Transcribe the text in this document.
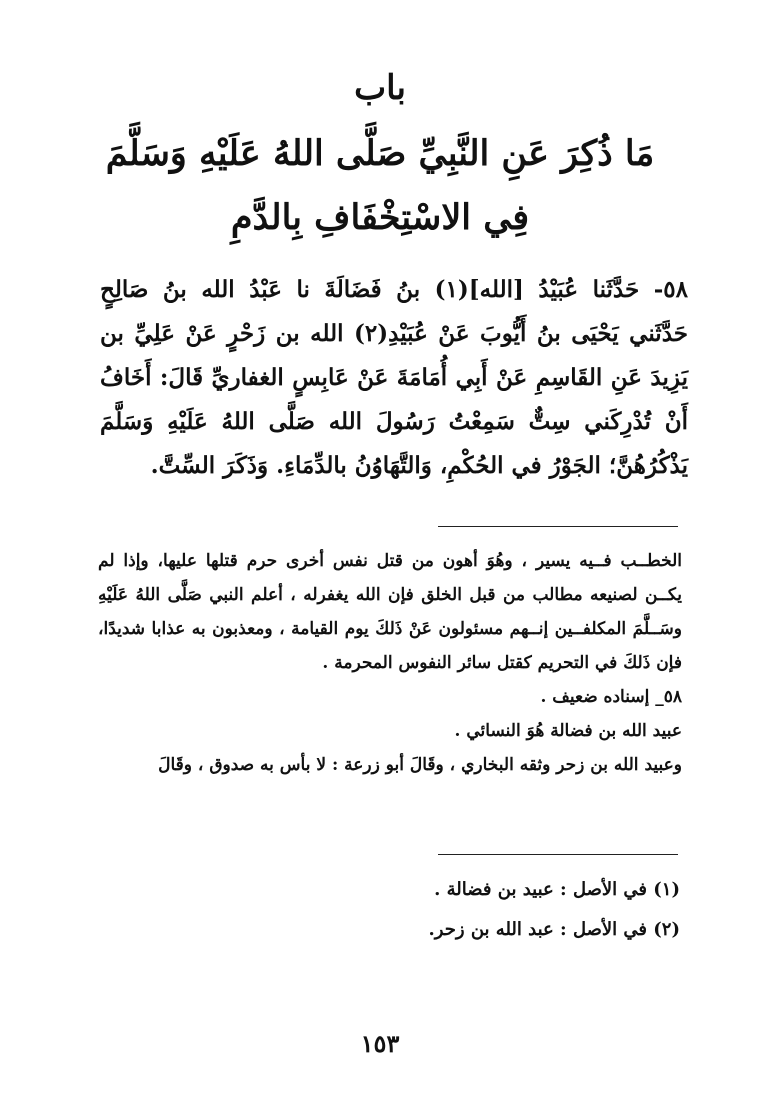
باب
مَا ذُكِرَ عَنِ النَّبِيِّ صَلَّى اللهُ عَلَيْهِ وَسَلَّمَ
فِي الاسْتِخْفَافِ بِالدَّمِ
٥٨- حَدَّثَنا عُبَيْدُ [الله](١) بنُ فَضَالَةَ نا عَبْدُ الله بنُ صَالِحٍ حَدَّثَني يَحْيَى بنُ أَيُّوبَ عَنْ عُبَيْدِ(٢) الله بن زَحْرٍ عَنْ عَلِيِّ بن يَزِيدَ عَنِ القَاسِمِ عَنْ أَبِي أُمَامَةَ عَنْ عَابِسٍ الغفاريِّ قَالَ: أَخَافُ أَنْ تُدْرِكَني سِتٌّ سَمِعْتُ رَسُولَ الله صَلَّى اللهُ عَلَيْهِ وَسَلَّمَ يَذْكُرُهُنَّ؛ الجَوْرُ في الحُكْمِ، وَالتَّهَاوُنُ بالدِّمَاءِ. وَذَكَرَ السِّتَّ.

الخطــب فــيه يسير ، وهُوَ أهون من قتل نفس أخرى حرم قتلها عليها، وإذا لم يكــن لصنيعه مطالب من قبل الخلق فإن الله يغفرله ، أعلم النبي صَلَّى اللهُ عَلَيْهِ وسَــلَّمَ المكلفــين إنــهم مسئولون عَنْ ذَلكَ يوم القيامة ، ومعذبون به عذابا شديدًا، فإن ذَلكَ في التحريم كقتل سائر النفوس المحرمة .

٥٨_ إسناده ضعيف .

عبيد الله بن فضالة هُوَ النسائي .

وعبيد الله بن زحر وثقه البخاري ، وقَالَ أبو زرعة : لا بأس به صدوق ، وقَالَ

(١) في الأصل : عبيد بن فضالة .

(٢) في الأصل : عبد الله بن زحر.

١٥٣
